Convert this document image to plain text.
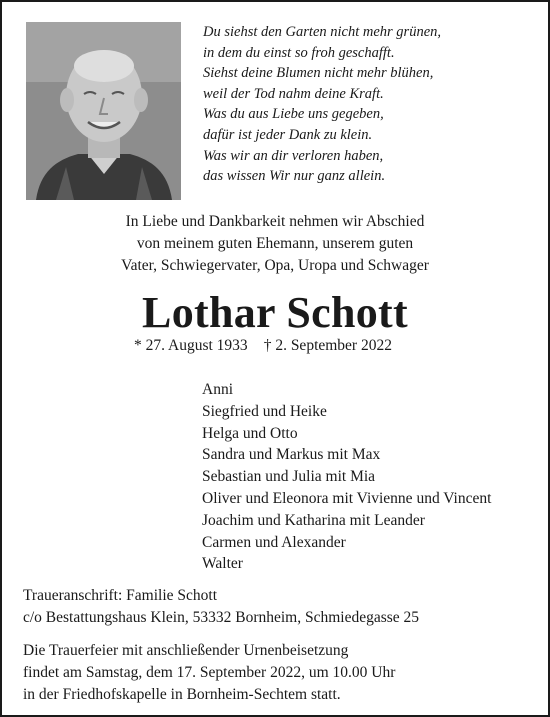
Du siehst den Garten nicht mehr grünen,
in dem du einst so froh geschafft.
Siehst deine Blumen nicht mehr blühen,
weil der Tod nahm deine Kraft.
Was du aus Liebe uns gegeben,
dafür ist jeder Dank zu klein.
Was wir an dir verloren haben,
das wissen Wir nur ganz allein.
In Liebe und Dankbarkeit nehmen wir Abschied
von meinem guten Ehemann, unserem guten
Vater, Schwiegervater, Opa, Uropa und Schwager
Lothar Schott
* 27. August 1933 † 2. September 2022
Anni
Siegfried und Heike
Helga und Otto
Sandra und Markus mit Max
Sebastian und Julia mit Mia
Oliver und Eleonora mit Vivienne und Vincent
Joachim und Katharina mit Leander
Carmen und Alexander
Walter
Traueranschrift: Familie Schott
c/o Bestattungshaus Klein, 53332 Bornheim, Schmiedegasse 25
Die Trauerfeier mit anschließender Urnenbeisetzung
findet am Samstag, dem 17. September 2022, um 10.00 Uhr
in der Friedhofskapelle in Bornheim-Sechtem statt.
